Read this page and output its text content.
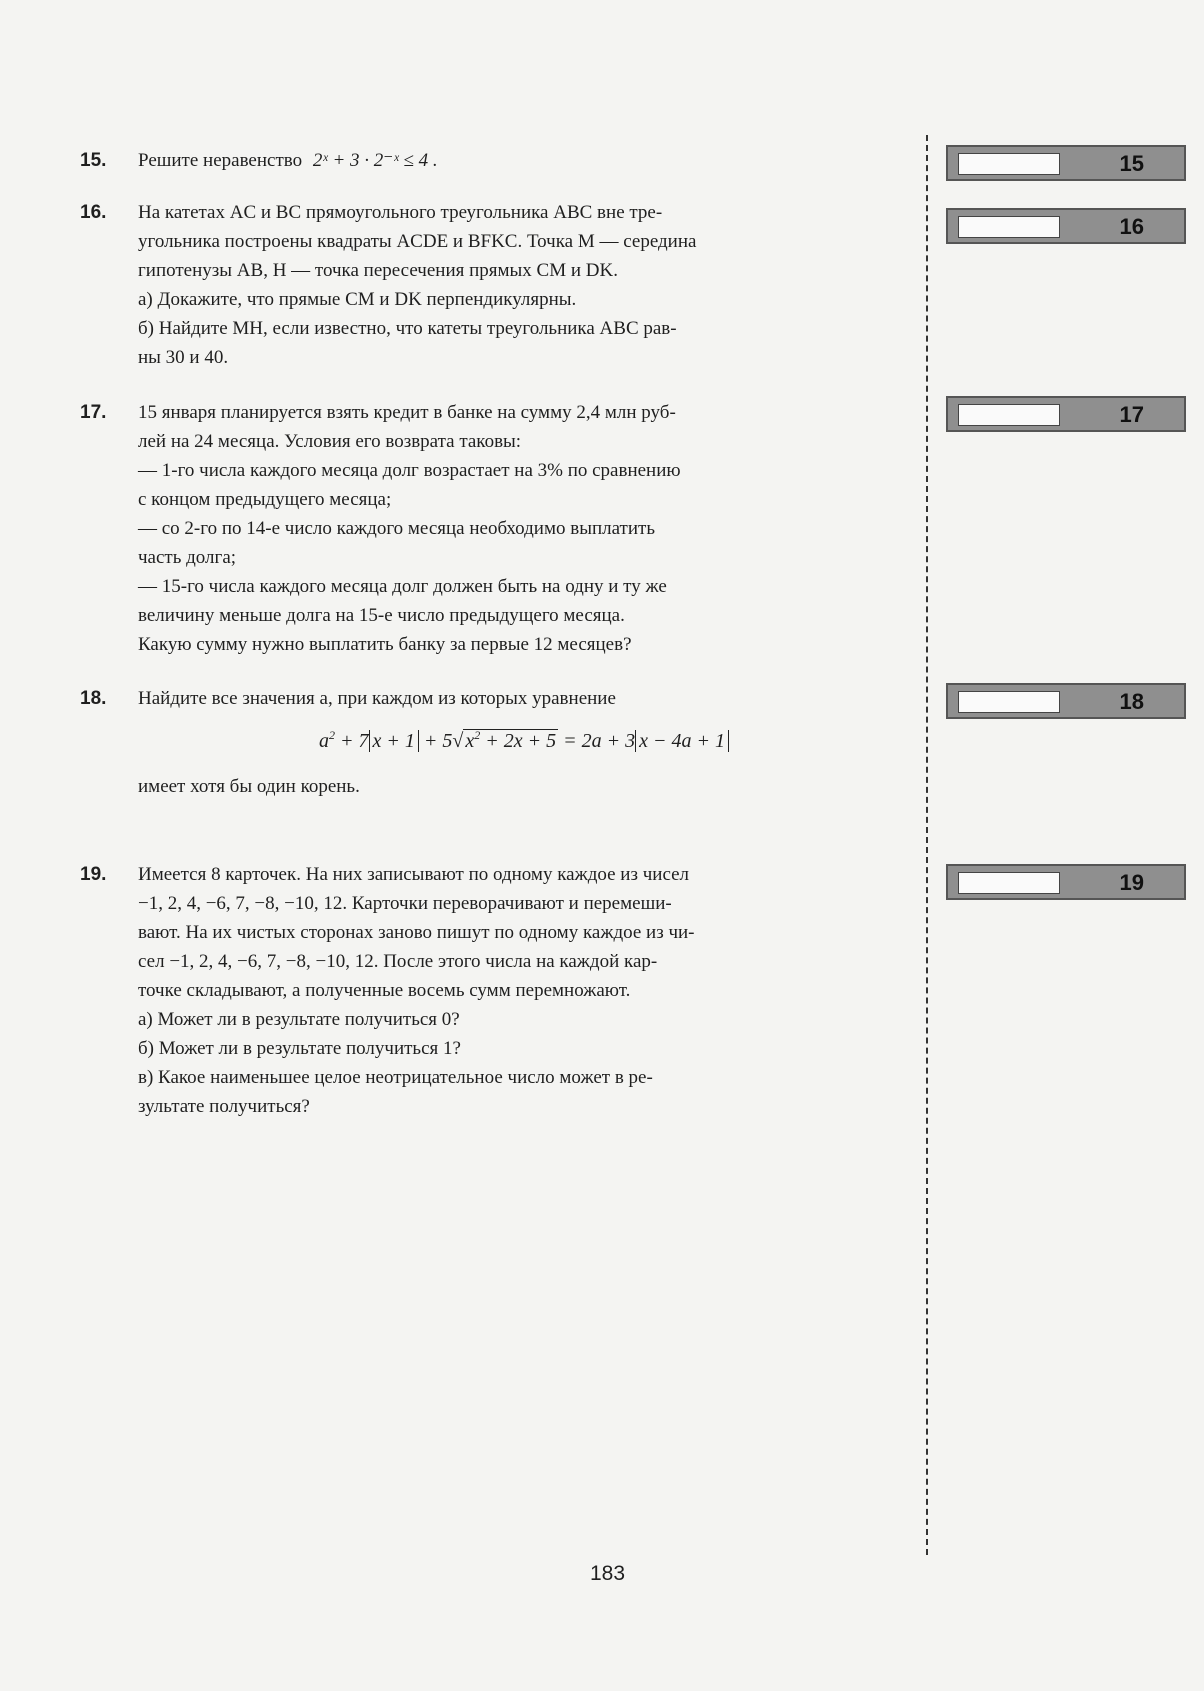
15. Решите неравенство 2ˣ + 3 · 2⁻ˣ ≤ 4 .
16. На катетах AC и BC прямоугольного треугольника ABC вне тре-
угольника построены квадраты ACDE и BFKC. Точка M — середина
гипотенузы AB, H — точка пересечения прямых CM и DK.
а) Докажите, что прямые CM и DK перпендикулярны.
б) Найдите MH, если известно, что катеты треугольника ABC рав-
ны 30 и 40.
17. 15 января планируется взять кредит в банке на сумму 2,4 млн руб-
лей на 24 месяца. Условия его возврата таковы:
— 1-го числа каждого месяца долг возрастает на 3% по сравнению
с концом предыдущего месяца;
— со 2-го по 14-е число каждого месяца необходимо выплатить
часть долга;
— 15-го числа каждого месяца долг должен быть на одну и ту же
величину меньше долга на 15-е число предыдущего месяца.
Какую сумму нужно выплатить банку за первые 12 месяцев?
18. Найдите все значения a, при каждом из которых уравнение
$a^2 + 7$ x + 1 + 5√ $x^2 + 2x + 5 = 2a + 3$ x − 4a + 1
имеет хотя бы один корень.
19. Имеется 8 карточек. На них записывают по одному каждое из чисел
−1, 2, 4, −6, 7, −8, −10, 12. Карточки переворачивают и перемеши-
вают. На их чистых сторонах заново пишут по одному каждое из чи-
сел −1, 2, 4, −6, 7, −8, −10, 12. После этого числа на каждой кар-
точке складывают, а полученные восемь сумм перемножают.
а) Может ли в результате получиться 0?
б) Может ли в результате получиться 1?
в) Какое наименьшее целое неотрицательное число может в ре-
зультате получиться?
15
16
17
18
19
183
